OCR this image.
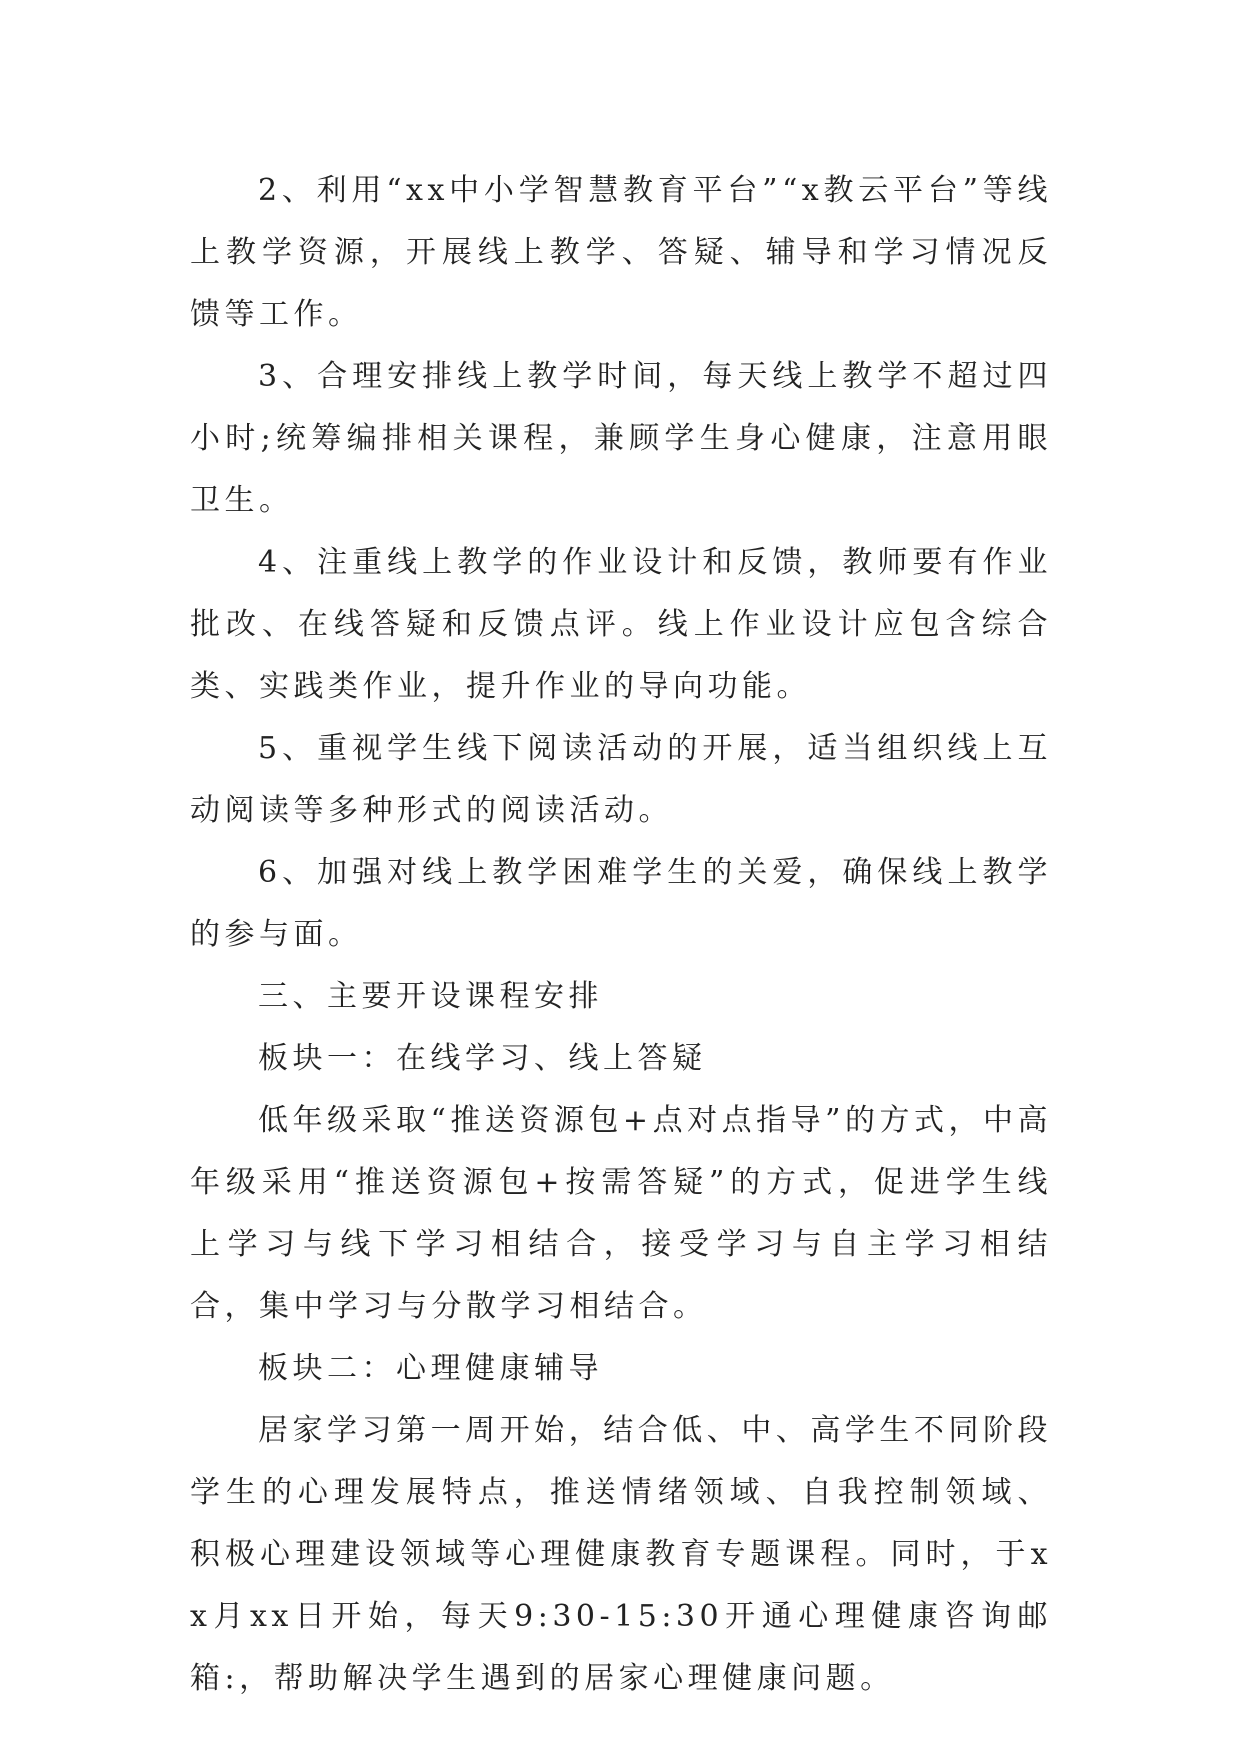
2、利用“xx中小学智慧教育平台”“x教云平台”等线上教学资源，开展线上教学、答疑、辅导和学习情况反馈等工作。

3、合理安排线上教学时间，每天线上教学不超过四小时;统筹编排相关课程，兼顾学生身心健康，注意用眼卫生。

4、注重线上教学的作业设计和反馈，教师要有作业批改、在线答疑和反馈点评。线上作业设计应包含综合类、实践类作业，提升作业的导向功能。

5、重视学生线下阅读活动的开展，适当组织线上互动阅读等多种形式的阅读活动。

6、加强对线上教学困难学生的关爱，确保线上教学的参与面。

三、主要开设课程安排

板块一：在线学习、线上答疑

低年级采取“推送资源包+点对点指导”的方式，中高年级采用“推送资源包+按需答疑”的方式，促进学生线上学习与线下学习相结合，接受学习与自主学习相结合，集中学习与分散学习相结合。

板块二：心理健康辅导

居家学习第一周开始，结合低、中、高学生不同阶段学生的心理发展特点，推送情绪领域、自我控制领域、积极心理建设领域等心理健康教育专题课程。同时，于xx月xx日开始，每天9:30-15:30开通心理健康咨询邮箱:，帮助解决学生遇到的居家心理健康问题。
